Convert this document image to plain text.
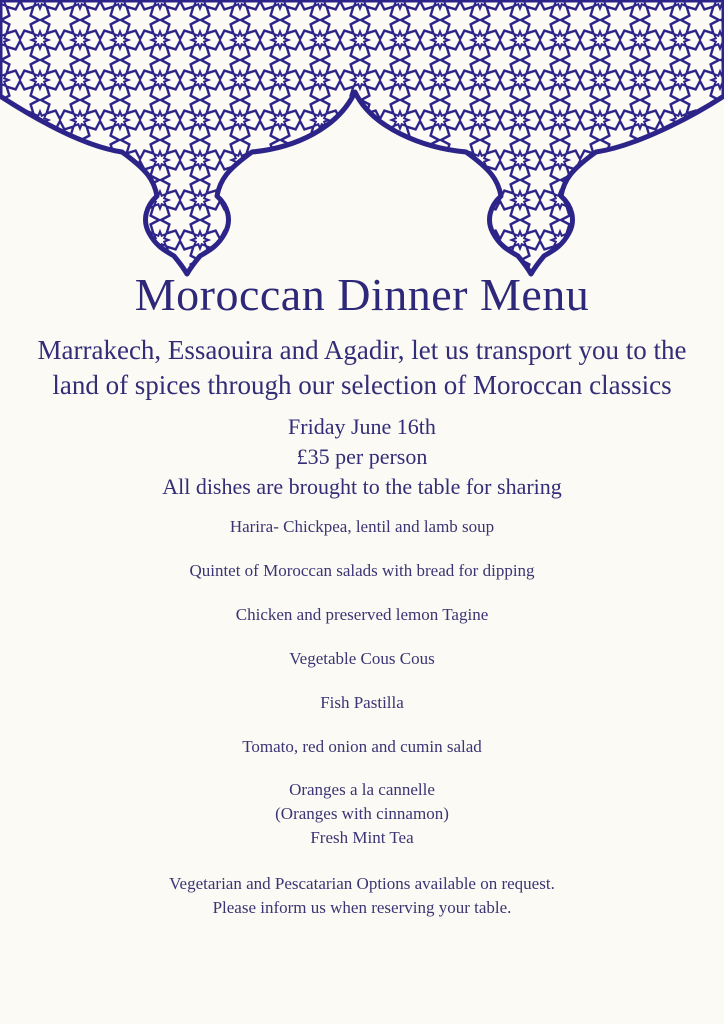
Moroccan Dinner Menu
Marrakech, Essaouira and Agadir, let us transport you to the
land of spices through our selection of Moroccan classics
Friday June 16th
£35 per person
All dishes are brought to the table for sharing
Harira- Chickpea, lentil and lamb soup
Quintet of Moroccan salads with bread for dipping
Chicken and preserved lemon Tagine
Vegetable Cous Cous
Fish Pastilla
Tomato, red onion and cumin salad
Oranges a la cannelle
(Oranges with cinnamon)
Fresh Mint Tea
Vegetarian and Pescatarian Options available on request.
Please inform us when reserving your table.
